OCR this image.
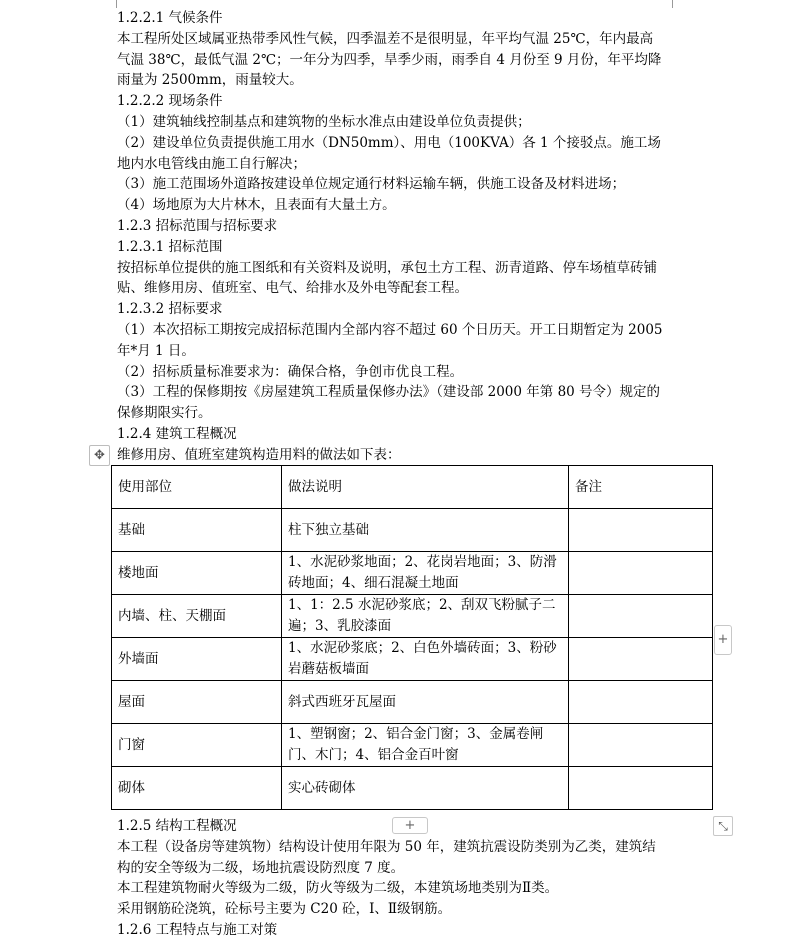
1.2.2.1 气候条件

本工程所处区域属亚热带季风性气候，四季温差不是很明显，年平均气温 25℃，年内最高

气温 38℃，最低气温 2℃；一年分为四季，旱季少雨，雨季自 4 月份至 9 月份，年平均降

雨量为 2500mm，雨量较大。

1.2.2.2 现场条件

（1）建筑轴线控制基点和建筑物的坐标水准点由建设单位负责提供；

（2）建设单位负责提供施工用水（DN50mm）、用电（100KVA）各 1 个接驳点。施工场

地内水电管线由施工自行解决；

（3）施工范围场外道路按建设单位规定通行材料运输车辆，供施工设备及材料进场；

（4）场地原为大片林木，且表面有大量土方。

1.2.3 招标范围与招标要求

1.2.3.1 招标范围

按招标单位提供的施工图纸和有关资料及说明，承包土方工程、沥青道路、停车场植草砖铺

贴、维修用房、值班室、电气、给排水及外电等配套工程。

1.2.3.2 招标要求

（1）本次招标工期按完成招标范围内全部内容不超过 60 个日历天。开工日期暂定为 2005

年*月 1 日。

（2）招标质量标准要求为：确保合格，争创市优良工程。

（3）工程的保修期按《房屋建筑工程质量保修办法》（建设部 2000 年第 80 号令）规定的

保修期限实行。

1.2.4 建筑工程概况

维修用房、值班室建筑构造用料的做法如下表：

✥
使用部位	做法说明	备注
基础	柱下独立基础	
楼地面	1、水泥砂浆地面；2、花岗岩地面；3、防滑砖地面；4、细石混凝土地面	
内墙、柱、天棚面	1、1：2.5 水泥砂浆底；2、刮双飞粉腻子二遍；3、乳胶漆面	
外墙面	1、水泥砂浆底；2、白色外墙砖面；3、粉砂岩蘑菇板墙面	
屋面	斜式西班牙瓦屋面	
门窗	1、塑钢窗；2、铝合金门窗；3、金属卷闸门、木门；4、铝合金百叶窗	
砌体	实心砖砌体	
+
+	⤡

1.2.5 结构工程概况

本工程（设备房等建筑物）结构设计使用年限为 50 年，建筑抗震设防类别为乙类，建筑结

构的安全等级为二级，场地抗震设防烈度 7 度。

本工程建筑物耐火等级为二级，防火等级为二级，本建筑场地类别为Ⅱ类。

采用钢筋砼浇筑，砼标号主要为 C20 砼，Ⅰ、Ⅱ级钢筋。

1.2.6 工程特点与施工对策
